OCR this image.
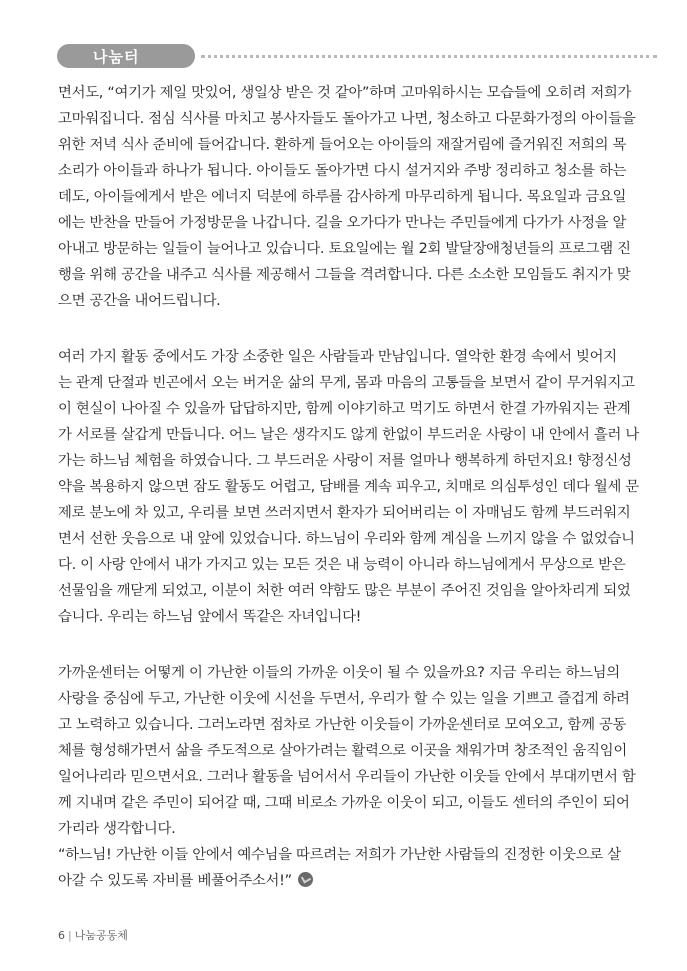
나눔터
면서도, “여기가 제일 맛있어, 생일상 받은 것 같아”하며 고마워하시는 모습들에 오히려 저희가
고마워집니다. 점심 식사를 마치고 봉사자들도 돌아가고 나면, 청소하고 다문화가정의 아이들을
위한 저녁 식사 준비에 들어갑니다. 환하게 들어오는 아이들의 재잘거림에 즐거워진 저희의 목
소리가 아이들과 하나가 됩니다. 아이들도 돌아가면 다시 설거지와 주방 정리하고 청소를 하는
데도, 아이들에게서 받은 에너지 덕분에 하루를 감사하게 마무리하게 됩니다. 목요일과 금요일
에는 반찬을 만들어 가정방문을 나갑니다. 길을 오가다가 만나는 주민들에게 다가가 사정을 알
아내고 방문하는 일들이 늘어나고 있습니다. 토요일에는 월 2회 발달장애청년들의 프로그램 진
행을 위해 공간을 내주고 식사를 제공해서 그들을 격려합니다. 다른 소소한 모임들도 취지가 맞
으면 공간을 내어드립니다.
여러 가지 활동 중에서도 가장 소중한 일은 사람들과 만남입니다. 열악한 환경 속에서 빚어지
는 관계 단절과 빈곤에서 오는 버거운 삶의 무게, 몸과 마음의 고통들을 보면서 같이 무거워지고
이 현실이 나아질 수 있을까 답답하지만, 함께 이야기하고 먹기도 하면서 한결 가까워지는 관계
가 서로를 살갑게 만듭니다. 어느 날은 생각지도 않게 한없이 부드러운 사랑이 내 안에서 흘러 나
가는 하느님 체험을 하였습니다. 그 부드러운 사랑이 저를 얼마나 행복하게 하던지요! 향정신성
약을 복용하지 않으면 잠도 활동도 어렵고, 담배를 계속 피우고, 치매로 의심투성인 데다 월세 문
제로 분노에 차 있고, 우리를 보면 쓰러지면서 환자가 되어버리는 이 자매님도 함께 부드러워지
면서 선한 웃음으로 내 앞에 있었습니다. 하느님이 우리와 함께 계심을 느끼지 않을 수 없었습니
다. 이 사랑 안에서 내가 가지고 있는 모든 것은 내 능력이 아니라 하느님에게서 무상으로 받은
선물임을 깨닫게 되었고, 이분이 처한 여러 약함도 많은 부분이 주어진 것임을 알아차리게 되었
습니다. 우리는 하느님 앞에서 똑같은 자녀입니다!
가까운센터는 어떻게 이 가난한 이들의 가까운 이웃이 될 수 있을까요? 지금 우리는 하느님의
사랑을 중심에 두고, 가난한 이웃에 시선을 두면서, 우리가 할 수 있는 일을 기쁘고 즐겁게 하려
고 노력하고 있습니다. 그러노라면 점차로 가난한 이웃들이 가까운센터로 모여오고, 함께 공동
체를 형성해가면서 삶을 주도적으로 살아가려는 활력으로 이곳을 채워가며 창조적인 움직임이
일어나리라 믿으면서요. 그러나 활동을 넘어서서 우리들이 가난한 이웃들 안에서 부대끼면서 함
께 지내며 같은 주민이 되어갈 때, 그때 비로소 가까운 이웃이 되고, 이들도 센터의 주인이 되어
가리라 생각합니다.
“하느님! 가난한 이들 안에서 예수님을 따르려는 저희가 가난한 사람들의 진정한 이웃으로 살
아갈 수 있도록 자비를 베풀어주소서!”
6 | 나눔공동체
